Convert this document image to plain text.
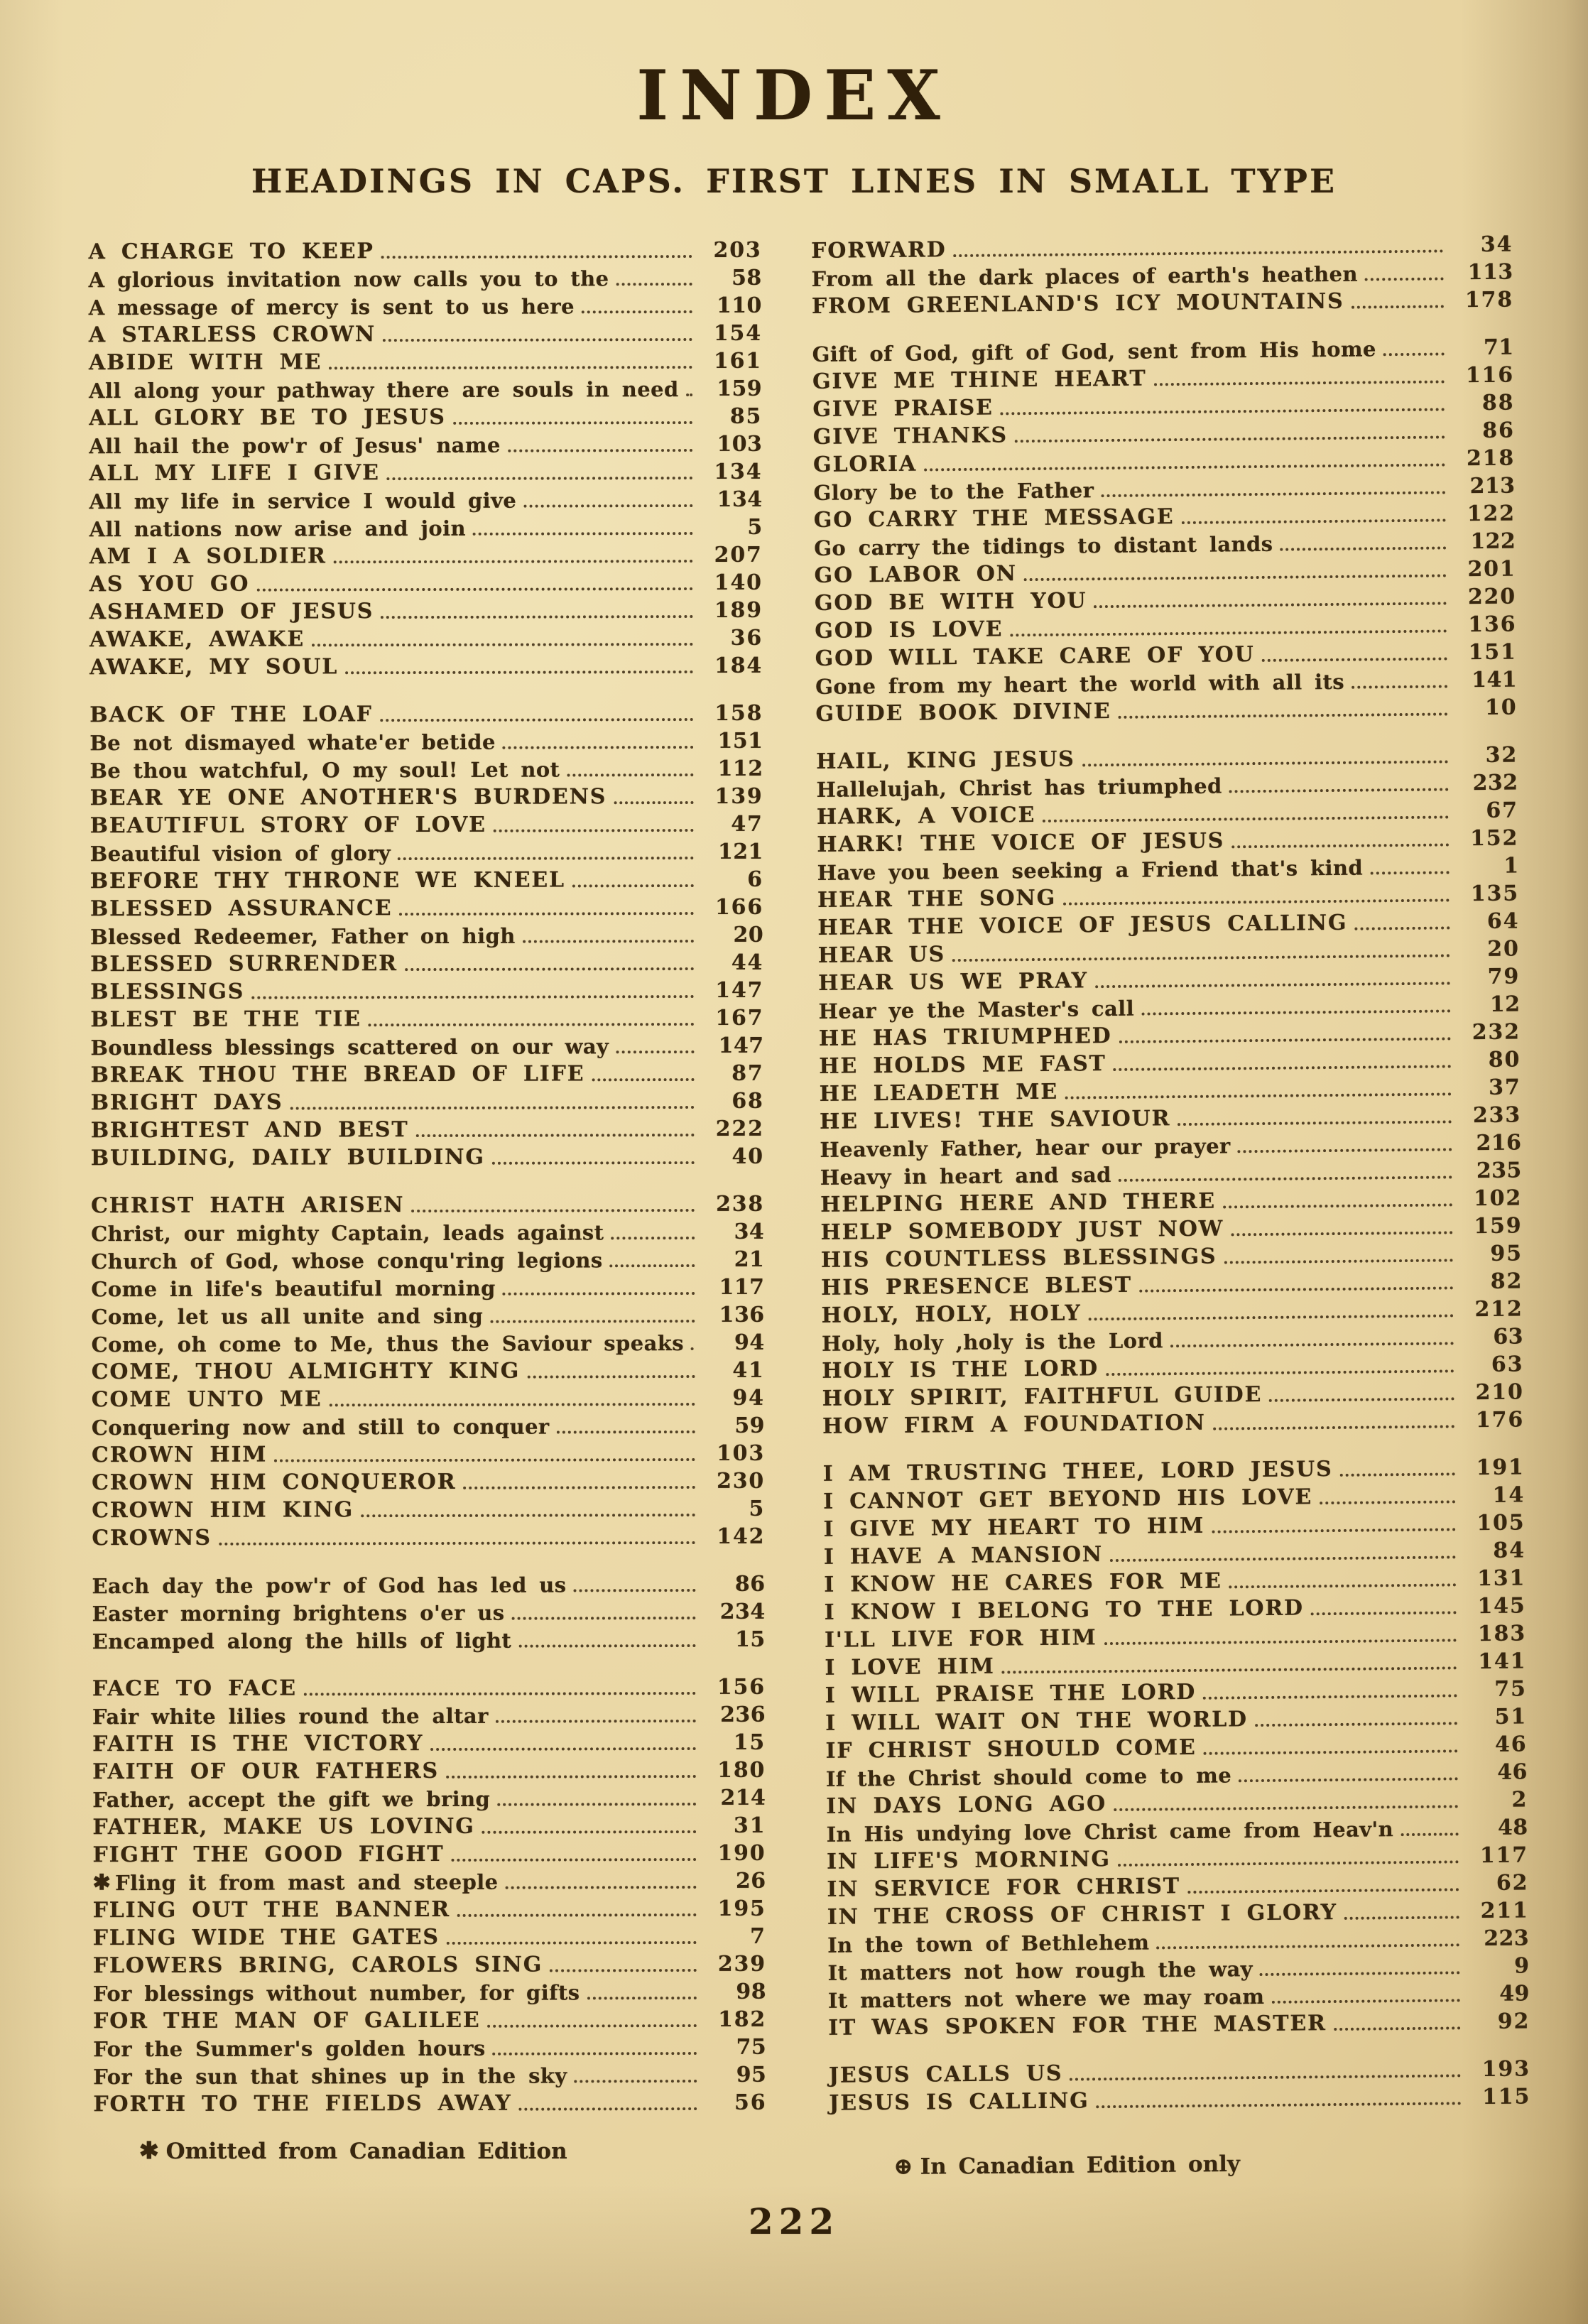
INDEX
HEADINGS IN CAPS. FIRST LINES IN SMALL TYPE
A CHARGE TO KEEP	203
A glorious invitation now calls you to the	58
A message of mercy is sent to us here	110
A STARLESS CROWN	154
ABIDE WITH ME	161
All along your pathway there are souls in need	159
ALL GLORY BE TO JESUS	85
All hail the pow'r of Jesus' name	103
ALL MY LIFE I GIVE	134
All my life in service I would give	134
All nations now arise and join	5
AM I A SOLDIER	207
AS YOU GO	140
ASHAMED OF JESUS	189
AWAKE, AWAKE	36
AWAKE, MY SOUL	184
BACK OF THE LOAF	158
Be not dismayed whate'er betide	151
Be thou watchful, O my soul! Let not	112
BEAR YE ONE ANOTHER'S BURDENS	139
BEAUTIFUL STORY OF LOVE	47
Beautiful vision of glory	121
BEFORE THY THRONE WE KNEEL	6
BLESSED ASSURANCE	166
Blessed Redeemer, Father on high	20
BLESSED SURRENDER	44
BLESSINGS	147
BLEST BE THE TIE	167
Boundless blessings scattered on our way	147
BREAK THOU THE BREAD OF LIFE	87
BRIGHT DAYS	68
BRIGHTEST AND BEST	222
BUILDING, DAILY BUILDING	40
CHRIST HATH ARISEN	238
Christ, our mighty Captain, leads against	34
Church of God, whose conqu'ring legions	21
Come in life's beautiful morning	117
Come, let us all unite and sing	136
Come, oh come to Me, thus the Saviour speaks	94
COME, THOU ALMIGHTY KING	41
COME UNTO ME	94
Conquering now and still to conquer	59
CROWN HIM	103
CROWN HIM CONQUEROR	230
CROWN HIM KING	5
CROWNS	142
Each day the pow'r of God has led us	86
Easter morning brightens o'er us	234
Encamped along the hills of light	15
FACE TO FACE	156
Fair white lilies round the altar	236
FAITH IS THE VICTORY	15
FAITH OF OUR FATHERS	180
Father, accept the gift we bring	214
FATHER, MAKE US LOVING	31
FIGHT THE GOOD FIGHT	190
✱ Fling it from mast and steeple	26
FLING OUT THE BANNER	195
FLING WIDE THE GATES	7
FLOWERS BRING, CAROLS SING	239
For blessings without number, for gifts	98
FOR THE MAN OF GALILEE	182
For the Summer's golden hours	75
For the sun that shines up in the sky	95
FORTH TO THE FIELDS AWAY	56
FORWARD	34
From all the dark places of earth's heathen	113
FROM GREENLAND'S ICY MOUNTAINS	178
Gift of God, gift of God, sent from His home	71
GIVE ME THINE HEART	116
GIVE PRAISE	88
GIVE THANKS	86
GLORIA	218
Glory be to the Father	213
GO CARRY THE MESSAGE	122
Go carry the tidings to distant lands	122
GO LABOR ON	201
GOD BE WITH YOU	220
GOD IS LOVE	136
GOD WILL TAKE CARE OF YOU	151
Gone from my heart the world with all its	141
GUIDE BOOK DIVINE	10
HAIL, KING JESUS	32
Hallelujah, Christ has triumphed	232
HARK, A VOICE	67
HARK! THE VOICE OF JESUS	152
Have you been seeking a Friend that's kind	1
HEAR THE SONG	135
HEAR THE VOICE OF JESUS CALLING	64
HEAR US	20
HEAR US WE PRAY	79
Hear ye the Master's call	12
HE HAS TRIUMPHED	232
HE HOLDS ME FAST	80
HE LEADETH ME	37
HE LIVES! THE SAVIOUR	233
Heavenly Father, hear our prayer	216
Heavy in heart and sad	235
HELPING HERE AND THERE	102
HELP SOMEBODY JUST NOW	159
HIS COUNTLESS BLESSINGS	95
HIS PRESENCE BLEST	82
HOLY, HOLY, HOLY	212
Holy, holy ,holy is the Lord	63
HOLY IS THE LORD	63
HOLY SPIRIT, FAITHFUL GUIDE	210
HOW FIRM A FOUNDATION	176
I AM TRUSTING THEE, LORD JESUS	191
I CANNOT GET BEYOND HIS LOVE	14
I GIVE MY HEART TO HIM	105
I HAVE A MANSION	84
I KNOW HE CARES FOR ME	131
I KNOW I BELONG TO THE LORD	145
I'LL LIVE FOR HIM	183
I LOVE HIM	141
I WILL PRAISE THE LORD	75
I WILL WAIT ON THE WORLD	51
IF CHRIST SHOULD COME	46
If the Christ should come to me	46
IN DAYS LONG AGO	2
In His undying love Christ came from Heav'n	48
IN LIFE'S MORNING	117
IN SERVICE FOR CHRIST	62
IN THE CROSS OF CHRIST I GLORY	211
In the town of Bethlehem	223
It matters not how rough the way	9
It matters not where we may roam	49
IT WAS SPOKEN FOR THE MASTER	92
JESUS CALLS US	193
JESUS IS CALLING	115
✱ Omitted from Canadian Edition
⊕ In Canadian Edition only
222
